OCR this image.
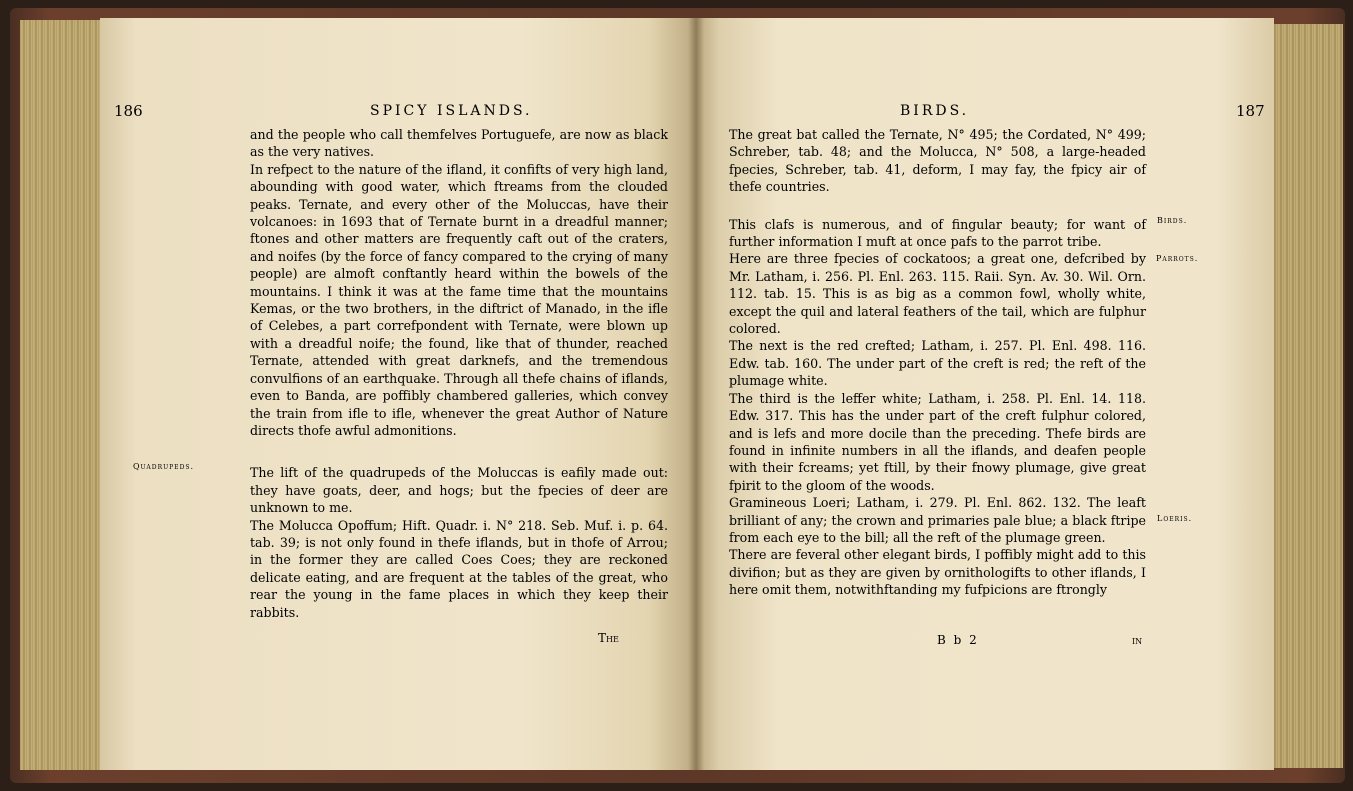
186	SPICY ISLANDS.

and the people who call themfelves Portuguefe, are now as black as the very natives.

In refpect to the nature of the ifland, it confifts of very high land, abounding with good water, which ftreams from the clouded peaks. Ternate, and every other of the Moluccas, have their volcanoes: in 1693 that of Ternate burnt in a dreadful manner; ftones and other matters are frequently caft out of the craters, and noifes (by the force of fancy compared to the crying of many people) are almoft conftantly heard within the bowels of the mountains. I think it was at the fame time that the mountains Kemas, or the two brothers, in the diftrict of Manado, in the ifle of Celebes, a part correfpondent with Ternate, were blown up with a dreadful noife; the found, like that of thunder, reached Ternate, attended with great darknefs, and the tremendous convulfions of an earthquake. Through all thefe chains of iflands, even to Banda, are poffibly chambered galleries, which convey the train from ifle to ifle, whenever the great Author of Nature directs thofe awful admonitions.

The lift of the quadrupeds of the Moluccas is eafily made out: they have goats, deer, and hogs; but the fpecies of deer are unknown to me.

The Molucca Opoffum; Hift. Quadr. i. N° 218. Seb. Muf. i. p. 64. tab. 39; is not only found in thefe iflands, but in thofe of Arrou; in the former they are called Coes Coes; they are reckoned delicate eating, and are frequent at the tables of the great, who rear the young in the fame places in which they keep their rabbits.

Quadrupeds.
The
BIRDS.	187

The great bat called the Ternate, N° 495; the Cordated, N° 499; Schreber, tab. 48; and the Molucca, N° 508, a large-headed fpecies, Schreber, tab. 41, deform, I may fay, the fpicy air of thefe countries.

This clafs is numerous, and of fingular beauty; for want of further information I muft at once pafs to the parrot tribe.

Here are three fpecies of cockatoos; a great one, defcribed by Mr. Latham, i. 256. Pl. Enl. 263. 115. Raii. Syn. Av. 30. Wil. Orn. 112. tab. 15. This is as big as a common fowl, wholly white, except the quil and lateral feathers of the tail, which are fulphur colored.

The next is the red crefted; Latham, i. 257. Pl. Enl. 498. 116. Edw. tab. 160. The under part of the creft is red; the reft of the plumage white.

The third is the leffer white; Latham, i. 258. Pl. Enl. 14. 118. Edw. 317. This has the under part of the creft fulphur colored, and is lefs and more docile than the preceding. Thefe birds are found in infinite numbers in all the iflands, and deafen people with their fcreams; yet ftill, by their fnowy plumage, give great fpirit to the gloom of the woods.

Gramineous Loeri; Latham, i. 279. Pl. Enl. 862. 132. The leaft brilliant of any; the crown and primaries pale blue; a black ftripe from each eye to the bill; all the reft of the plumage green.

There are feveral other elegant birds, I poffibly might add to this divifion; but as they are given by ornithologifts to other iflands, I here omit them, notwithftanding my fufpicions are ftrongly

Birds.
Parrots.
Loeris.
B b 2	in
